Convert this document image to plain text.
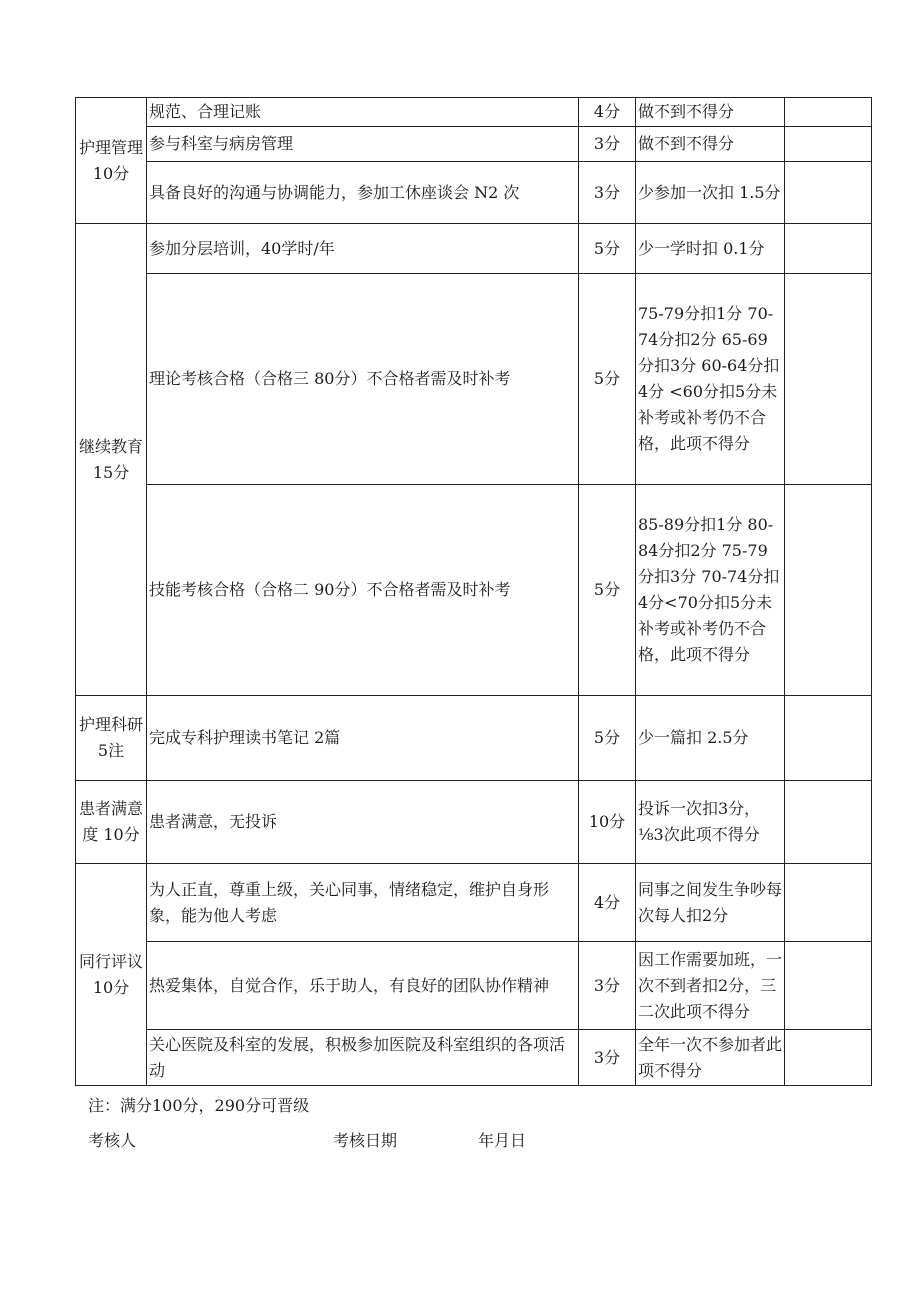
护理管理 10分	规范、合理记账	4分	做不到不得分	
	参与科室与病房管理	3分	做不到不得分	
	具备良好的沟通与协调能力，参加工休座谈会 N2 次	3分	少参加一次扣 1.5分	
继续教育 15分	参加分层培训，40学时/年	5分	少一学时扣 0.1分	
	理论考核合格（合格三 80分）不合格者需及时补考	5分	75-79分扣1分 70-74分扣2分 65-69分扣3分 60-64分扣4分 <60分扣5分未补考或补考仍不合格，此项不得分	
	技能考核合格（合格二 90分）不合格者需及时补考	5分	85-89分扣1分 80-84分扣2分 75-79分扣3分 70-74分扣4分<70分扣5分未补考或补考仍不合格，此项不得分	
护理科研 5注	完成专科护理读书笔记 2篇	5分	少一篇扣 2.5分	
患者满意度 10分	患者满意，无投诉	10分	投诉一次扣3分，⅛3次此项不得分	
同行评议 10分	为人正直，尊重上级，关心同事，情绪稳定，维护自身形象，能为他人考虑	4分	同事之间发生争吵每次每人扣2分	
	热爱集体，自觉合作，乐于助人，有良好的团队协作精神	3分	因工作需要加班，一次不到者扣2分，三二次此项不得分	
	关心医院及科室的发展，积极参加医院及科室组织的各项活动	3分	全年一次不参加者此项不得分	
注：满分100分，290分可晋级
考核人	考核日期	年月日
